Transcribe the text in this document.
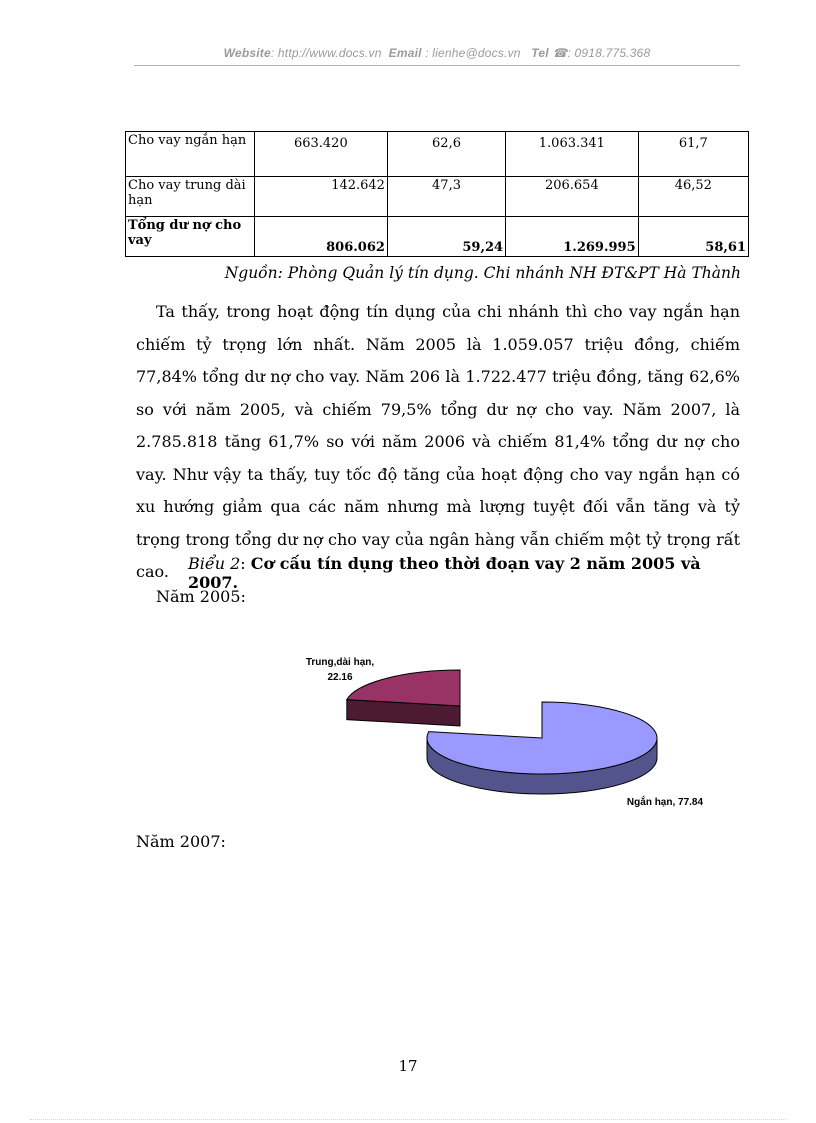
Website: http://www.docs.vn Email : lienhe@docs.vn Tel ☎: 0918.775.368
Cho vay ngắn hạn	663.420	62,6	1.063.341	61,7
Cho vay trung dài hạn	142.642	47,3	206.654	46,52
Tổng dư nợ cho vay	806.062	59,24	1.269.995	58,61
Nguồn: Phòng Quản lý tín dụng. Chi nhánh NH ĐT&PT Hà Thành
Ta thấy, trong hoạt động tín dụng của chi nhánh thì cho vay ngắn hạn chiếm tỷ trọng lớn nhất. Năm 2005 là 1.059.057 triệu đồng, chiếm 77,84% tổng dư nợ cho vay. Năm 206 là 1.722.477 triệu đồng, tăng 62,6% so với năm 2005, và chiếm 79,5% tổng dư nợ cho vay. Năm 2007, là 2.785.818 tăng 61,7% so với năm 2006 và chiếm 81,4% tổng dư nợ cho vay. Như vậy ta thấy, tuy tốc độ tăng của hoạt động cho vay ngắn hạn có xu hướng giảm qua các năm nhưng mà lượng tuyệt đối vẫn tăng và tỷ trọng trong tổng dư nợ cho vay của ngân hàng vẫn chiếm một tỷ trọng rất cao.	Biểu 2: Cơ cấu tín dụng theo thời đoạn vay 2 năm 2005 và 2007.
Năm 2005:
Trung,dài hạn,
22.16
Ngắn hạn, 77.84
Năm 2007:
17
